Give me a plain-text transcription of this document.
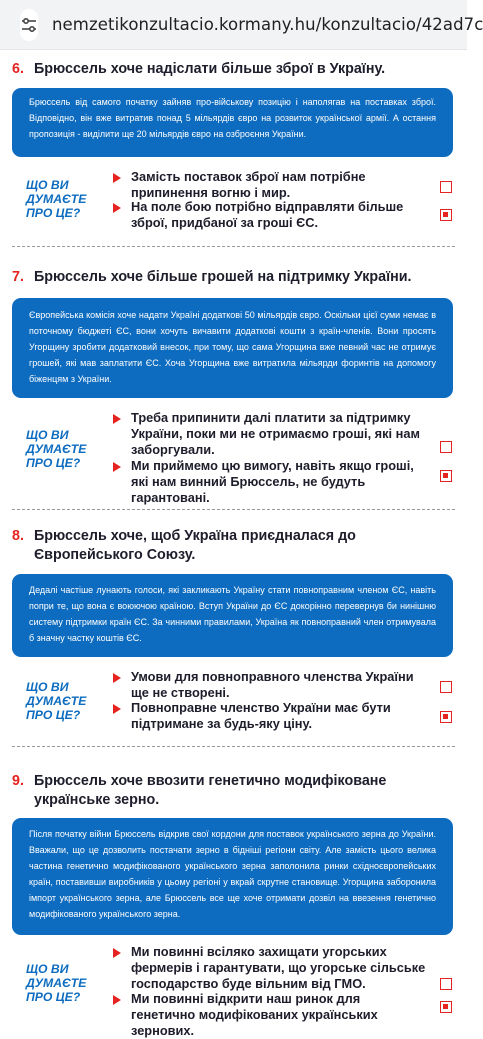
nemzetikonzultacio.kormany.hu/konzultacio/42ad7c
6. Брюссель хоче надіслати більше зброї в Україну.
Брюссель від самого початку зайняв про-військову позицію і наполягав на поставках зброї. Відповідно, він вже витратив понад 5 мільярдів євро на розвиток української армії. А остання пропозиція - виділити ще 20 мільярдів євро на озброєння України.
ЩО ВИ
ДУМАЄТЕ
ПРО ЦЕ?
Замість поставок зброї нам потрібне припинення вогню і мир.
На поле бою потрібно відправляти більше зброї, придбаної за гроші ЄС.
7. Брюссель хоче більше грошей на підтримку України.
Європейська комісія хоче надати Україні додаткові 50 мільярдів євро. Оскільки цієї суми немає в поточному бюджеті ЄС, вони хочуть вичавити додаткові кошти з країн-членів. Вони просять Угорщину зробити додатковий внесок, при тому, що сама Угорщина вже певний час не отримує грошей, які мав заплатити ЄС. Хоча Угорщина вже витратила мільярди форинтів на допомогу біженцям з України.
ЩО ВИ
ДУМАЄТЕ
ПРО ЦЕ?
Треба припинити далі платити за підтримку України, поки ми не отримаємо гроші, які нам заборгували.
Ми приймемо цю вимогу, навіть якщо гроші, які нам винний Брюссель, не будуть гарантовані.
8. Брюссель хоче, щоб Україна приєдналася до Європейського Союзу.
Дедалі частіше лунають голоси, які закликають Україну стати повноправним членом ЄС, навіть попри те, що вона є воюючою країною. Вступ України до ЄС докорінно перевернув би нинішню систему підтримки країн ЄС. За чинними правилами, Україна як повноправний член отримувала б значну частку коштів ЄС.
ЩО ВИ
ДУМАЄТЕ
ПРО ЦЕ?
Умови для повноправного членства України ще не створені.
Повноправне членство України має бути підтримане за будь-яку ціну.
9. Брюссель хоче ввозити генетично модифіковане українське зерно.
Після початку війни Брюссель відкрив свої кордони для поставок українського зерна до України. Вважали, що це дозволить постачати зерно в бідніші регіони світу. Але замість цього велика частина генетично модифікованого українського зерна заполонила ринки східноєвропейських країн, поставивши виробників у цьому регіоні у вкрай скрутне становище. Угорщина заборонила імпорт українського зерна, але Брюссель все ще хоче отримати дозвіл на ввезення генетично модифікованого українського зерна.
ЩО ВИ
ДУМАЄТЕ
ПРО ЦЕ?
Ми повинні всіляко захищати угорських фермерів і гарантувати, що угорське сільське господарство буде вільним від ГМО.
Ми повинні відкрити наш ринок для генетично модифікованих українських зернових.
